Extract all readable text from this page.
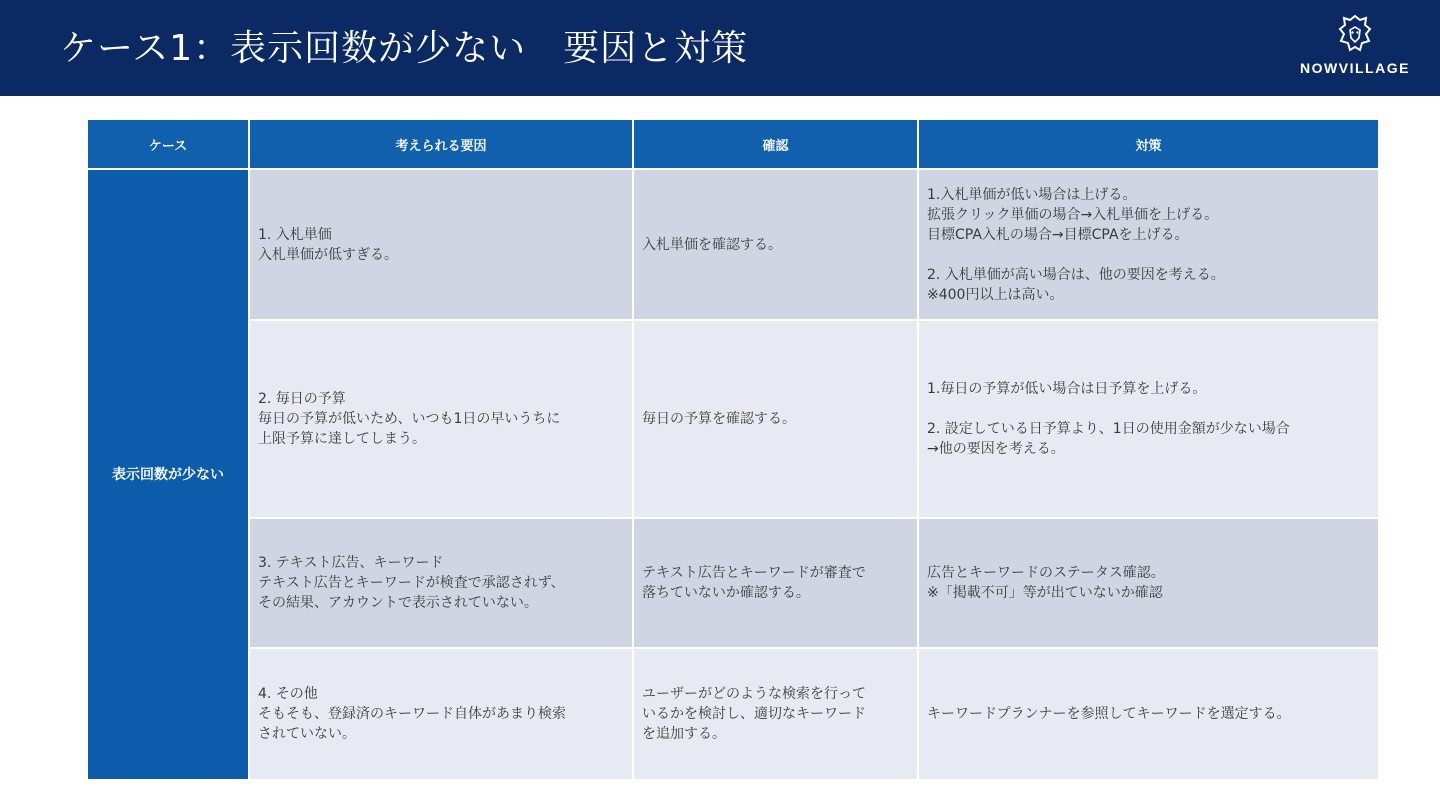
ケース1：表示回数が少ない　要因と対策	NOWVILLAGE
ケース	考えられる要因	確認	対策
表示回数が少ない	1. 入札単価
入札単価が低すぎる。	入札単価を確認する。	1.入札単価が低い場合は上げる。
拡張クリック単価の場合→入札単価を上げる。
目標CPA入札の場合→目標CPAを上げる。

2. 入札単価が高い場合は、他の要因を考える。
※400円以上は高い。
	2. 毎日の予算
毎日の予算が低いため、いつも1日の早いうちに
上限予算に達してしまう。	毎日の予算を確認する。	1.毎日の予算が低い場合は日予算を上げる。

2. 設定している日予算より、1日の使用金額が少ない場合
→他の要因を考える。
	3. テキスト広告、キーワード
テキスト広告とキーワードが検査で承認されず、
その結果、アカウントで表示されていない。	テキスト広告とキーワードが審査で
落ちていないか確認する。	広告とキーワードのステータス確認。
※「掲載不可」等が出ていないか確認
	4. その他
そもそも、登録済のキーワード自体があまり検索
されていない。	ユーザーがどのような検索を行って
いるかを検討し、適切なキーワード
を追加する。	キーワードプランナーを参照してキーワードを選定する。
